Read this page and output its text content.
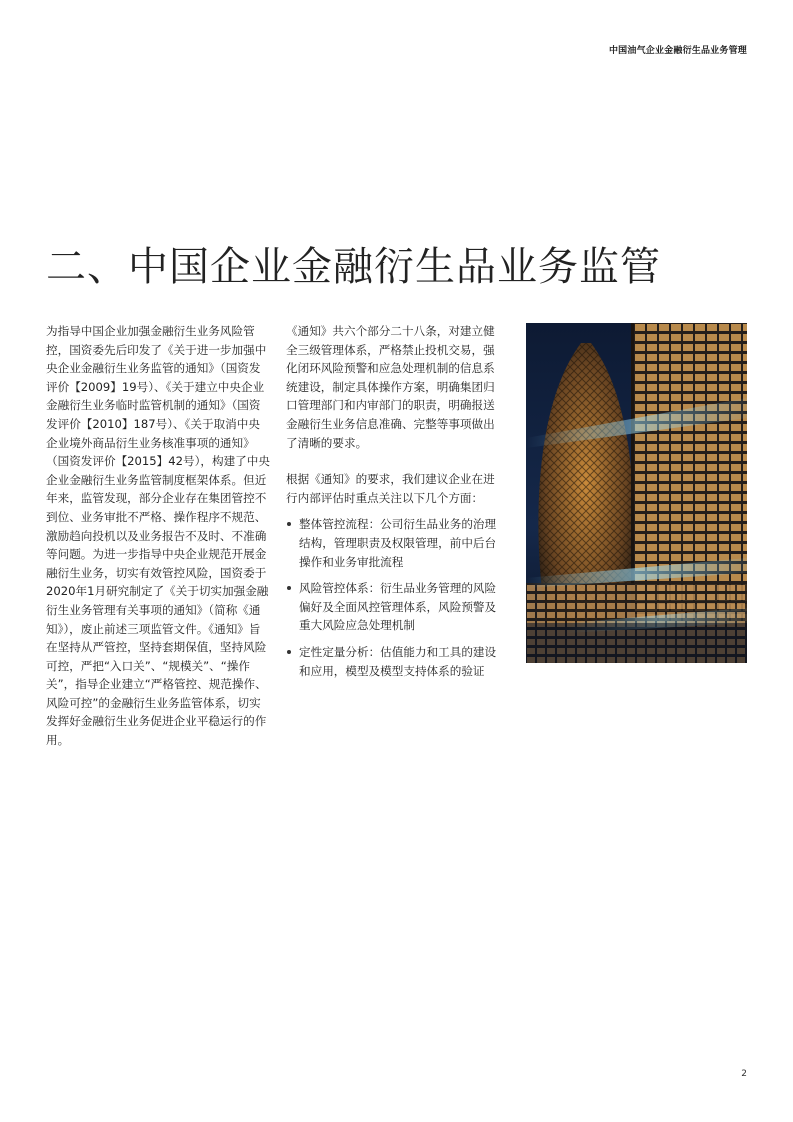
中国油气企业金融衍生品业务管理
二、中国企业金融衍生品业务监管

为指导中国企业加强金融衍生业务风险管控，国资委先后印发了《关于进一步加强中央企业金融衍生业务监管的通知》（国资发评价【2009】19号）、《关于建立中央企业金融衍生业务临时监管机制的通知》（国资发评价【2010】187号）、《关于取消中央企业境外商品衍生业务核准事项的通知》（国资发评价【2015】42号），构建了中央企业金融衍生业务监管制度框架体系。但近年来，监管发现，部分企业存在集团管控不到位、业务审批不严格、操作程序不规范、激励趋向投机以及业务报告不及时、不准确等问题。为进一步指导中央企业规范开展金融衍生业务，切实有效管控风险，国资委于2020年1月研究制定了《关于切实加强金融衍生业务管理有关事项的通知》（简称《通知》），废止前述三项监管文件。《通知》旨在坚持从严管控，坚持套期保值，坚持风险可控，严把“入口关”、“规模关”、“操作关”，指导企业建立“严格管控、规范操作、风险可控”的金融衍生业务监管体系，切实发挥好金融衍生业务促进企业平稳运行的作用。

《通知》共六个部分二十八条，对建立健全三级管理体系，严格禁止投机交易，强化闭环风险预警和应急处理机制的信息系统建设，制定具体操作方案，明确集团归口管理部门和内审部门的职责，明确报送金融衍生业务信息准确、完整等事项做出了清晰的要求。

根据《通知》的要求，我们建议企业在进行内部评估时重点关注以下几个方面：

整体管控流程：公司衍生品业务的治理结构，管理职责及权限管理，前中后台操作和业务审批流程
风险管控体系：衍生品业务管理的风险偏好及全面风控管理体系，风险预警及重大风险应急处理机制
定性定量分析：估值能力和工具的建设和应用，模型及模型支持体系的验证
2
